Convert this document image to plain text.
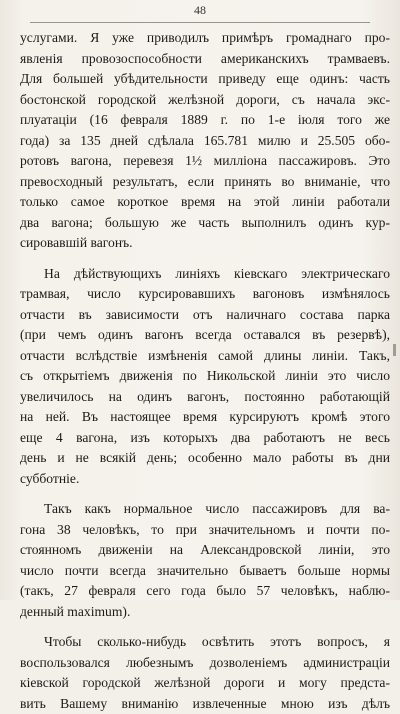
48

услугами. Я уже приводилъ примѣръ громаднаго про-
явленія провозоспособности американскихъ трамваевъ.
Для большей убѣдительности приведу еще одинъ: часть
бостонской городской желѣзной дороги, съ начала экс-
плуатаціи (16 февраля 1889 г. по 1-е іюля того же
года) за 135 дней сдѣлала 165.781 милю и 25.505 обо-
ротовъ вагона, перевезя 1½ милліона пассажировъ. Это
превосходный результатъ, если принять во вниманіе, что
только самое короткое время на этой линіи работали
два вагона; большую же часть выполнилъ одинъ кур-
сировавшій вагонъ.

На дѣйствующихъ линіяхъ кіевскаго электрическаго
трамвая, число курсировавшихъ вагоновъ измѣнялось
отчасти въ зависимости отъ наличнаго состава парка
(при чемъ одинъ вагонъ всегда оставался въ резервѣ),
отчасти вслѣдствіе измѣненія самой длины линіи. Такъ,
съ открытіемъ движенія по Никольской линіи это число
увеличилось на одинъ вагонъ, постоянно работающій
на ней. Въ настоящее время курсируютъ кромѣ этого
еще 4 вагона, изъ которыхъ два работаютъ не весь
день и не всякій день; особенно мало работы въ дни
субботніе.

Такъ какъ нормальное число пассажировъ для ва-
гона 38 человѣкъ, то при значительномъ и почти по-
стоянномъ движеніи на Александровской линіи, это
число почти всегда значительно бываетъ больше нормы
(такъ, 27 февраля сего года было 57 человѣкъ, наблю-
денный maximum).

Чтобы сколько-нибудь освѣтить этотъ вопросъ, я
воспользовался любезнымъ дозволеніемъ администраціи
кіевской городской желѣзной дороги и могу предста-
вить Вашему вниманію извлеченные мною изъ дѣлъ
